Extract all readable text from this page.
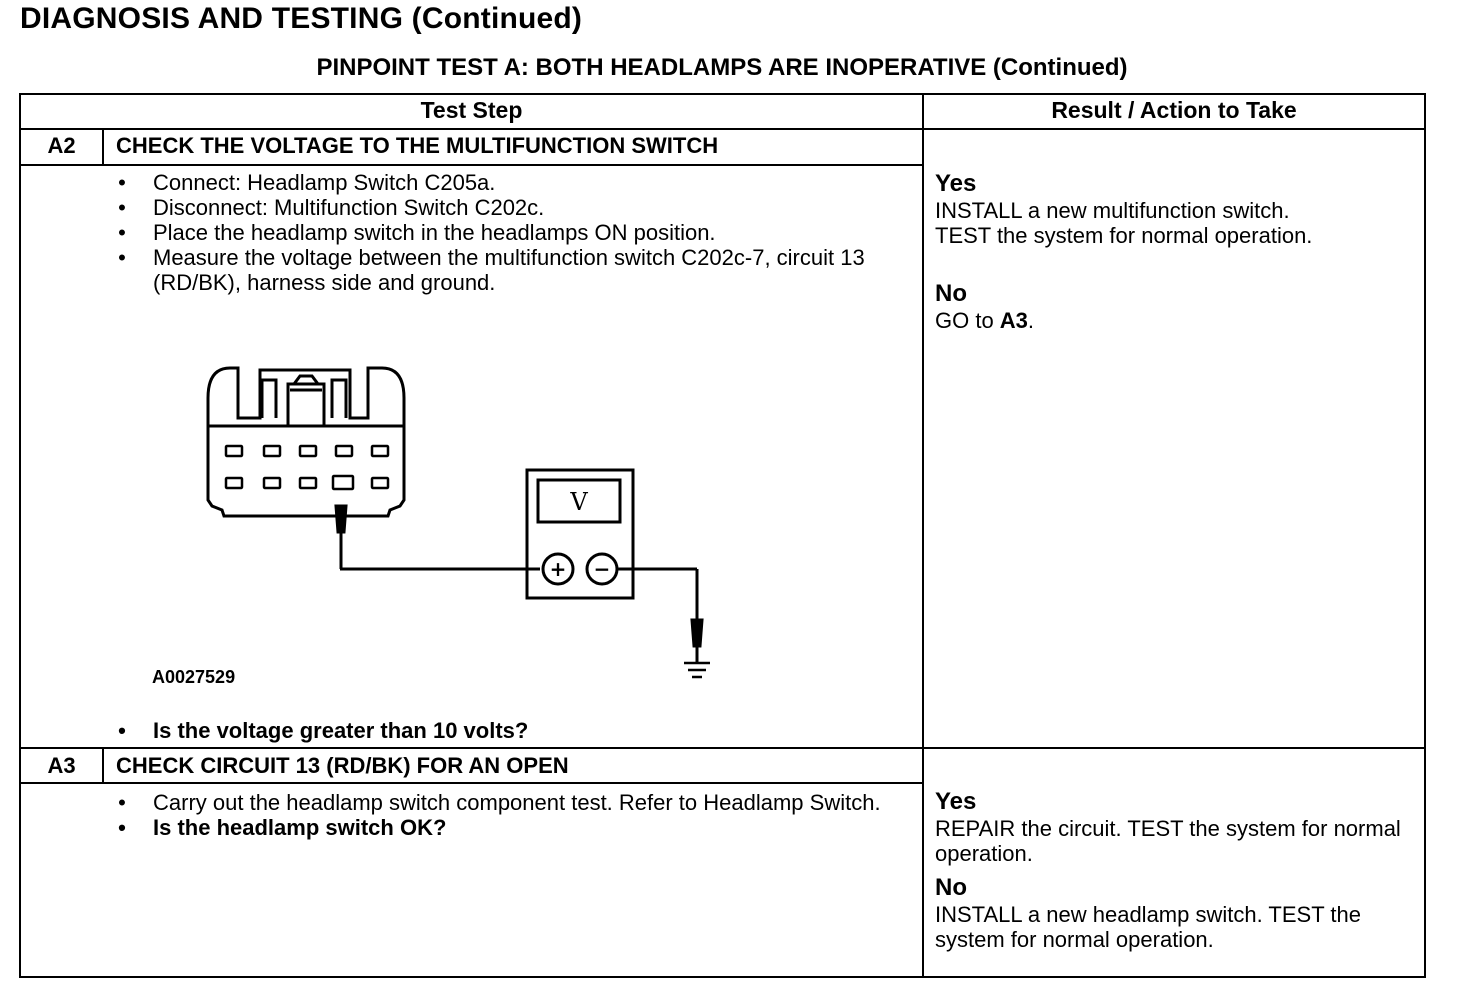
DIAGNOSIS AND TESTING (Continued)
PINPOINT TEST A: BOTH HEADLAMPS ARE INOPERATIVE (Continued)
Test Step	Result / Action to Take
A2	CHECK THE VOLTAGE TO THE MULTIFUNCTION SWITCH
• Connect: Headlamp Switch C205a.
• Disconnect: Multifunction Switch C202c.
• Place the headlamp switch in the headlamps ON position.
• Measure the voltage between the multifunction switch C202c-7, circuit 13 (RD/BK), harness side and ground.
V
+ −
A0027529
• Is the voltage greater than 10 volts?
Yes
INSTALL a new multifunction switch.
TEST the system for normal operation.
No
GO to A3.
A3	CHECK CIRCUIT 13 (RD/BK) FOR AN OPEN
• Carry out the headlamp switch component test. Refer to Headlamp Switch.
• Is the headlamp switch OK?
Yes
REPAIR the circuit. TEST the system for normal operation.
No
INSTALL a new headlamp switch. TEST the system for normal operation.
